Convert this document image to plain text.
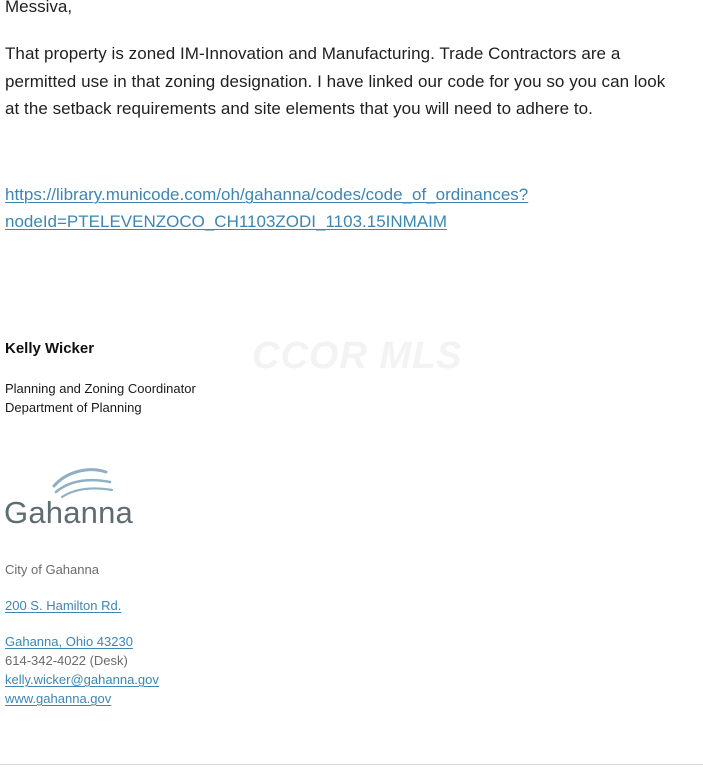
Messiva,
That property is zoned IM-Innovation and Manufacturing. Trade Contractors are a
permitted use in that zoning designation. I have linked our code for you so you can look
at the setback requirements and site elements that you will need to adhere to.
https://library.municode.com/oh/gahanna/codes/code_of_ordinances?
nodeId=PTELEVENZOCO_CH1103ZODI_1103.15INMAIM
CCOR MLS
Kelly Wicker
Planning and Zoning Coordinator
Department of Planning
Gahanna
City of Gahanna
200 S. Hamilton Rd.
Gahanna, Ohio 43230
614-342-4022 (Desk)
kelly.wicker@gahanna.gov
www.gahanna.gov
